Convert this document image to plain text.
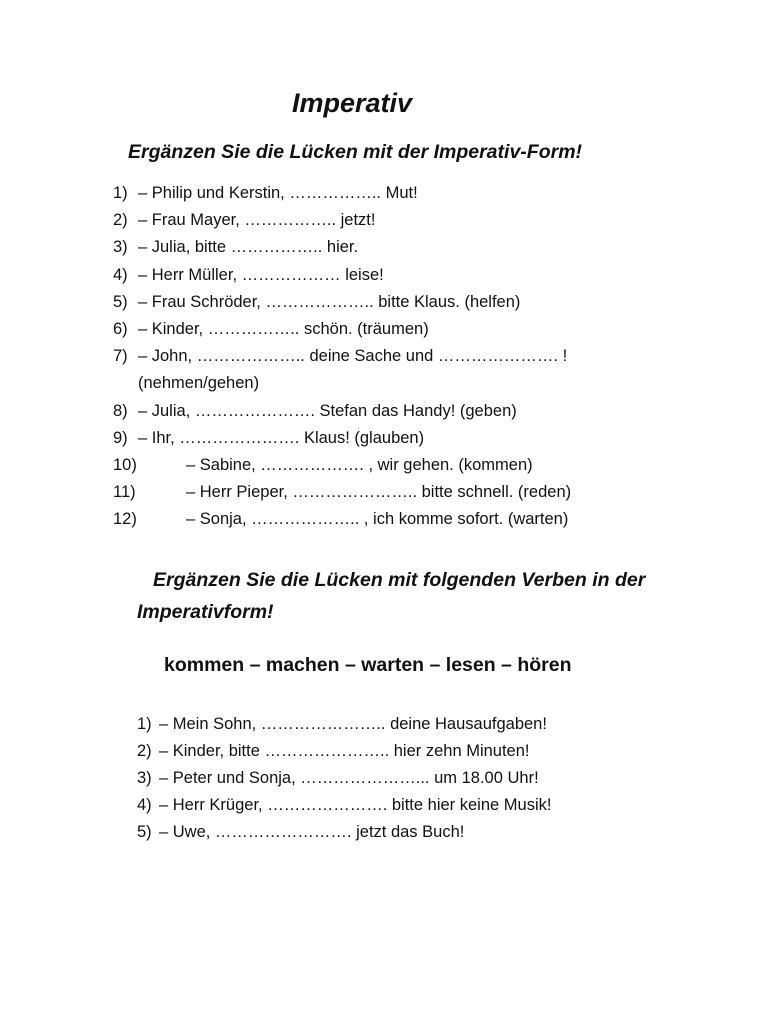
Imperativ

Ergänzen Sie die Lücken mit der Imperativ-Form!

1) – Philip und Kerstin, …………….. Mut!
2) – Frau Mayer, …………….. jetzt!
3) – Julia, bitte …………….. hier.
4) – Herr Müller, ……………… leise!
5) – Frau Schröder, ……………….. bitte Klaus. (helfen)
6) – Kinder, …………….. schön. (träumen)
7) – John, ……………….. deine Sache und …………………. !
(nehmen/gehen)
8) – Julia, …………………. Stefan das Handy! (geben)
9) – Ihr, …………………. Klaus! (glauben)
10)	– Sabine, ………………. , wir gehen. (kommen)
11)	– Herr Pieper, ………………….. bitte schnell. (reden)
12)	– Sonja, ……………….. , ich komme sofort. (warten)

Ergänzen Sie die Lücken mit folgenden Verben in der
Imperativform!

kommen – machen – warten – lesen – hören

1) – Mein Sohn, ………………….. deine Hausaufgaben!
2) – Kinder, bitte ………………….. hier zehn Minuten!
3) – Peter und Sonja, …………………... um 18.00 Uhr!
4) – Herr Krüger, …………………. bitte hier keine Musik!
5) – Uwe, ……………………. jetzt das Buch!
